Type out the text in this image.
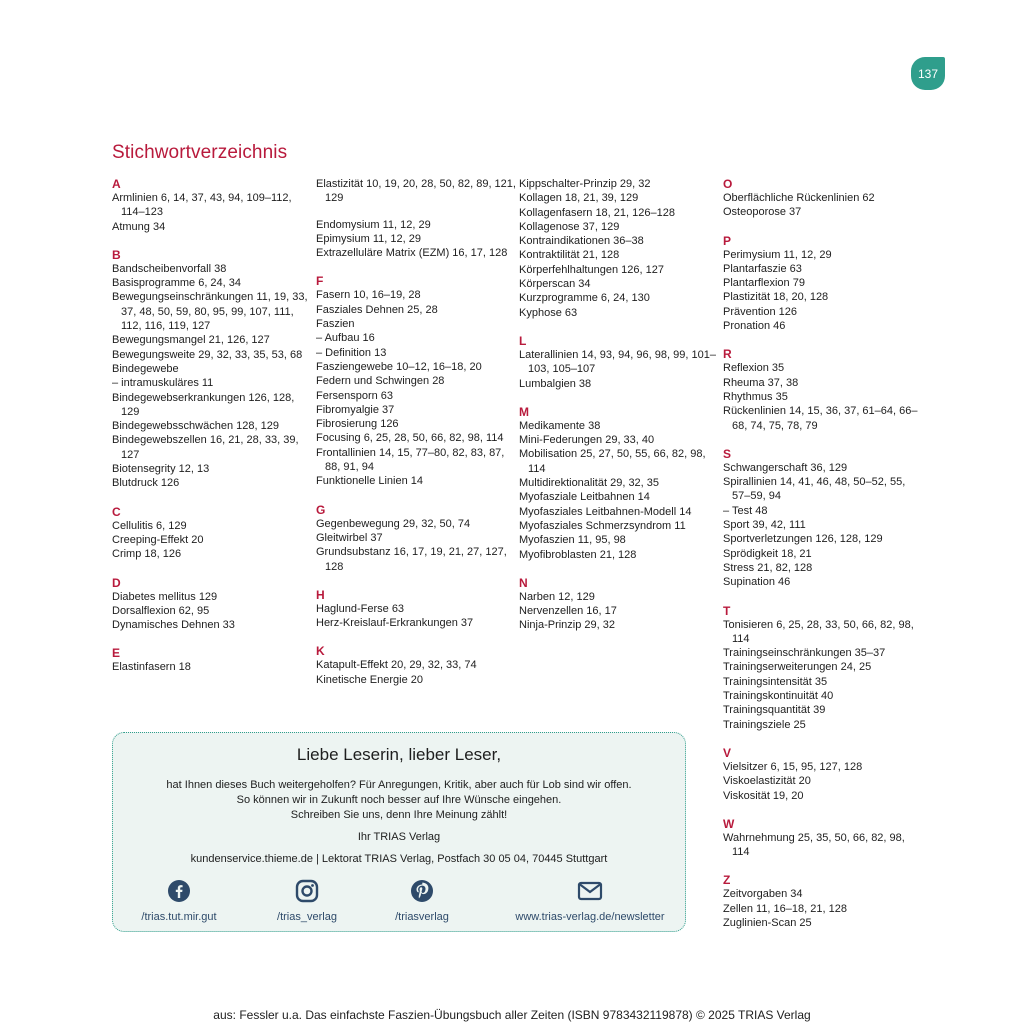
137
Stichwortverzeichnis
A
Armlinien 6, 14, 37, 43, 94, 109–112, 114–123
Atmung 34
B
Bandscheibenvorfall 38
Basisprogramme 6, 24, 34
Bewegungseinschränkungen 11, 19, 33, 37, 48, 50, 59, 80, 95, 99, 107, 111, 112, 116, 119, 127
Bewegungsmangel 21, 126, 127
Bewegungsweite 29, 32, 33, 35, 53, 68
Bindegewebe
– intramuskuläres 11
Bindegewebserkrankungen 126, 128, 129
Bindegewebsschwächen 128, 129
Bindegewebszellen 16, 21, 28, 33, 39, 127
Biotensegrity 12, 13
Blutdruck 126
C
Cellulitis 6, 129
Creeping-Effekt 20
Crimp 18, 126
D
Diabetes mellitus 129
Dorsalflexion 62, 95
Dynamisches Dehnen 33
E
Elastinfasern 18
Elastizität 10, 19, 20, 28, 50, 82, 89, 121, 129
Endomysium 11, 12, 29
Epimysium 11, 12, 29
Extrazelluläre Matrix (EZM) 16, 17, 128
F
Fasern 10, 16–19, 28
Fasziales Dehnen 25, 28
Faszien
– Aufbau 16
– Definition 13
Fasziengewebe 10–12, 16–18, 20
Federn und Schwingen 28
Fersensporn 63
Fibromyalgie 37
Fibrosierung 126
Focusing 6, 25, 28, 50, 66, 82, 98, 114
Frontallinien 14, 15, 77–80, 82, 83, 87, 88, 91, 94
Funktionelle Linien 14
G
Gegenbewegung 29, 32, 50, 74
Gleitwirbel 37
Grundsubstanz 16, 17, 19, 21, 27, 127, 128
H
Haglund-Ferse 63
Herz-Kreislauf-Erkrankungen 37
K
Katapult-Effekt 20, 29, 32, 33, 74
Kinetische Energie 20
Kippschalter-Prinzip 29, 32
Kollagen 18, 21, 39, 129
Kollagenfasern 18, 21, 126–128
Kollagenose 37, 129
Kontraindikationen 36–38
Kontraktilität 21, 128
Körperfehlhaltungen 126, 127
Körperscan 34
Kurzprogramme 6, 24, 130
Kyphose 63
L
Laterallinien 14, 93, 94, 96, 98, 99, 101–103, 105–107
Lumbalgien 38
M
Medikamente 38
Mini-Federungen 29, 33, 40
Mobilisation 25, 27, 50, 55, 66, 82, 98, 114
Multidirektionalität 29, 32, 35
Myofasziale Leitbahnen 14
Myofasziales Leitbahnen-Modell 14
Myofasziales Schmerzsyndrom 11
Myofaszien 11, 95, 98
Myofibroblasten 21, 128
N
Narben 12, 129
Nervenzellen 16, 17
Ninja-Prinzip 29, 32
O
Oberflächliche Rückenlinien 62
Osteoporose 37
P
Perimysium 11, 12, 29
Plantarfaszie 63
Plantarflexion 79
Plastizität 18, 20, 128
Prävention 126
Pronation 46
R
Reflexion 35
Rheuma 37, 38
Rhythmus 35
Rückenlinien 14, 15, 36, 37, 61–64, 66–68, 74, 75, 78, 79
S
Schwangerschaft 36, 129
Spirallinien 14, 41, 46, 48, 50–52, 55, 57–59, 94
– Test 48
Sport 39, 42, 111
Sportverletzungen 126, 128, 129
Sprödigkeit 18, 21
Stress 21, 82, 128
Supination 46
T
Tonisieren 6, 25, 28, 33, 50, 66, 82, 98, 114
Trainingseinschränkungen 35–37
Trainingserweiterungen 24, 25
Trainingsintensität 35
Trainingskontinuität 40
Trainingsquantität 39
Trainingsziele 25
V
Vielsitzer 6, 15, 95, 127, 128
Viskoelastizität 20
Viskosität 19, 20
W
Wahrnehmung 25, 35, 50, 66, 82, 98, 114
Z
Zeitvorgaben 34
Zellen 11, 16–18, 21, 128
Zuglinien-Scan 25
Liebe Leserin, lieber Leser,
hat Ihnen dieses Buch weitergeholfen? Für Anregungen, Kritik, aber auch für Lob sind wir offen.
So können wir in Zukunft noch besser auf Ihre Wünsche eingehen.
Schreiben Sie uns, denn Ihre Meinung zählt!
Ihr TRIAS Verlag
kundenservice.thieme.de | Lektorat TRIAS Verlag, Postfach 30 05 04, 70445 Stuttgart
/trias.tut.mir.gut	/trias_verlag	/triasverlag	www.trias-verlag.de/newsletter
aus: Fessler u.a. Das einfachste Faszien-Übungsbuch aller Zeiten (ISBN 9783432119878) © 2025 TRIAS Verlag
